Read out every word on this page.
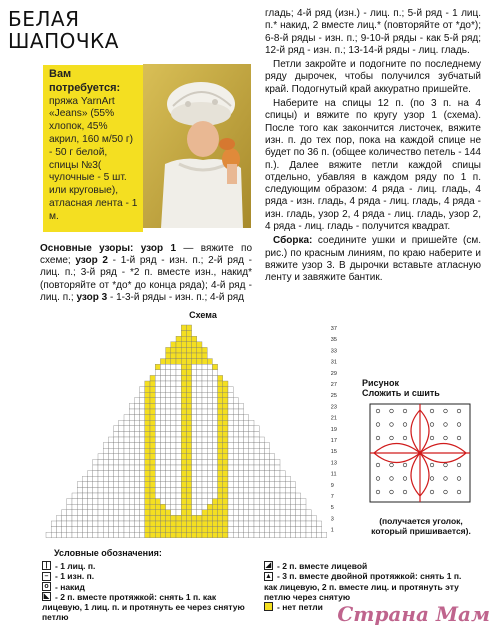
БЕЛАЯ
ШАПОЧКА
Вам потребуется: пряжа YarnArt «Jeans» (55% хлопок, 45% акрил, 160 м/50 г) - 50 г белой, спицы №3( чулочные - 5 шт. или круговые), атласная лента - 1 м.
Основные узоры: узор 1 — вяжите по схеме; узор 2 - 1-й ряд - изн. п.; 2-й ряд - лиц. п.; 3-й ряд - *2 п. вместе изн., накид* (повторяйте от *до* до конца ряда); 4-й ряд - лиц. п.; узор 3 - 1-3-й ряды - изн. п.; 4-й ряд

гладь; 4-й ряд (изн.) - лиц. п.; 5-й ряд - 1 лиц. п.* накид, 2 вместе лиц.* (повторяйте от *до*); 6-8-й ряды - изн. п.; 9-10-й ряды - как 5-й ряд; 12-й ряд - изн. п.; 13-14-й ряды - лиц. гладь.

Петли закройте и подогните по последнему ряду дырочек, чтобы получился зубчатый край. Подогнутый край аккуратно пришейте.

Наберите на спицы 12 п. (по 3 п. на 4 спицы) и вяжите по кругу узор 1 (схема). После того как закончится листочек, вяжите изн. п. до тех пор, пока на каждой спице не будет по 36 п. (общее количество петель - 144 п.). Далее вяжите петли каждой спицы отдельно, убавляя в каждом ряду по 1 п. следующим образом: 4 ряда - лиц. гладь, 4 ряда - изн. гладь, 4 ряда - лиц. гладь, 4 ряда - изн. гладь, узор 2, 4 ряда - лиц. гладь, узор 2, 4 ряда - лиц. гладь - получится квадрат.

Сборка: соедините ушки и пришейте (см. рис.) по красным линиям, по краю наберите и вяжите узор 3. В дырочки вставьте атласную ленту и завяжите бантик.

Схема
37
35
33
31
29
27
25
23
21
19
17
15
13
11
9
7
5
3
1
Рисунок
Сложить и сшить
(получается уголок, который пришивается).
Условные обозначения:
| - 1 лиц. п.
– - 1 изн. п.
o - накид
◣ - 2 п. вместе протяжкой: снять 1 п. как лицевую, 1 лиц. п. и протянуть ее через снятую петлю
◢ - 2 п. вместе лицевой
▲ - 3 п. вместе двойной протяжкой: снять 1 п. как лицевую, 2 п. вместе лиц. и протянуть эту петлю через снятую
- нет петли Страна Мам
